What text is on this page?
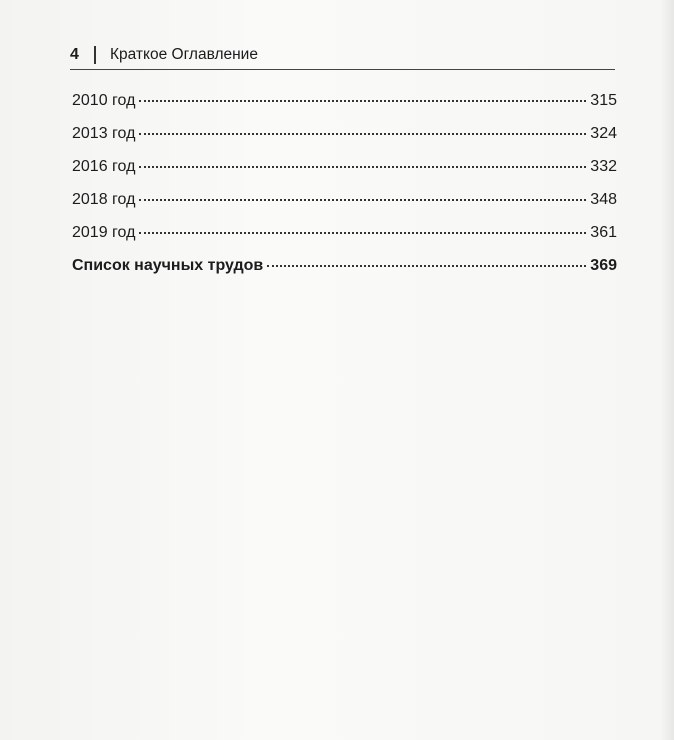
4 Краткое Оглавление
2010 год	315
2013 год	324
2016 год	332
2018 год	348
2019 год	361
Список научных трудов	369
